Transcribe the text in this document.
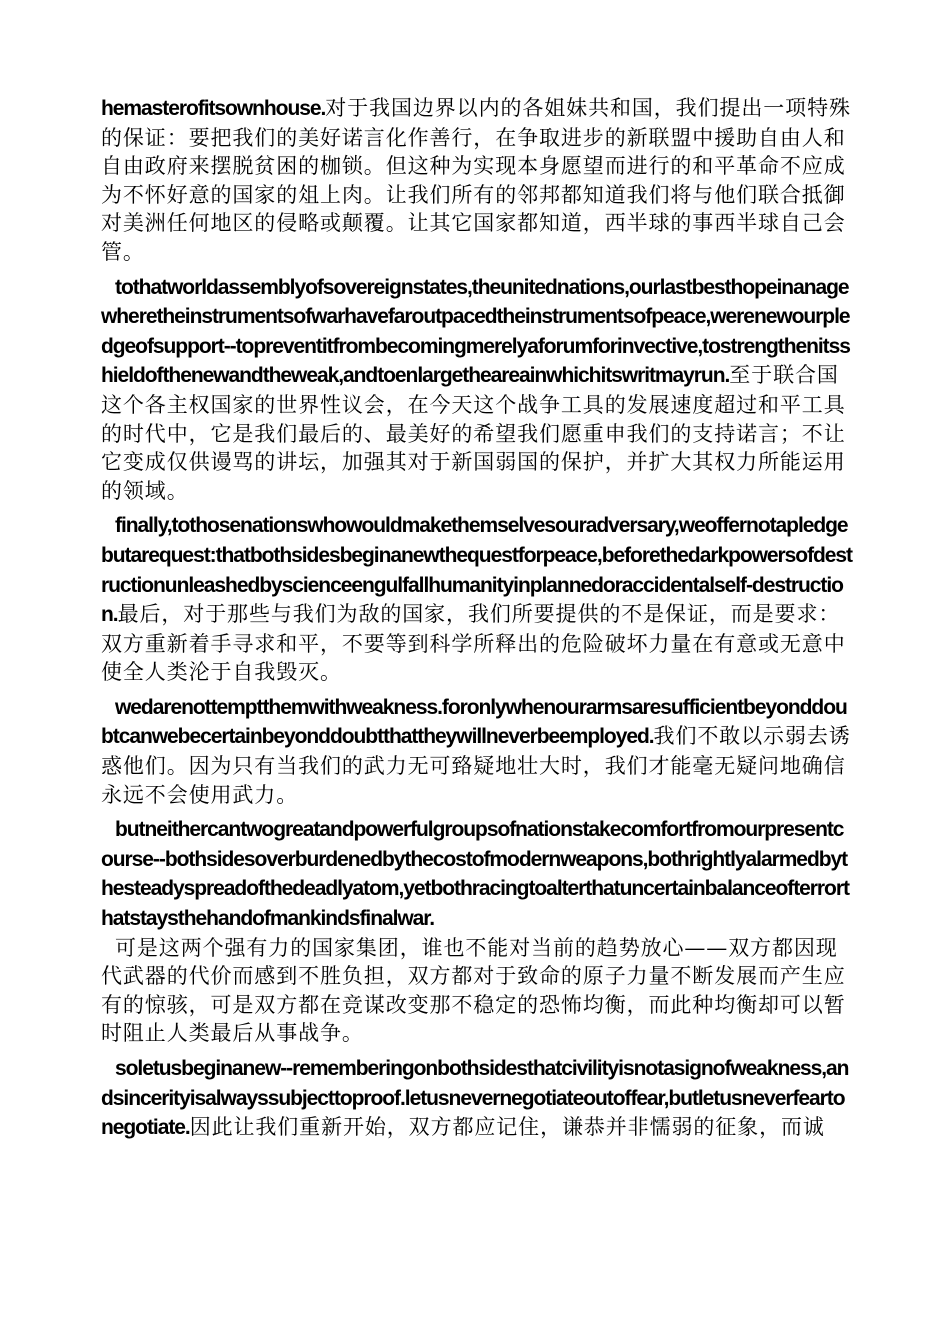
hemasterofitsownhouse.对于我国边界以内的各姐妹共和国，我们提出一项特殊的保证：要把我们的美好诺言化作善行，在争取进步的新联盟中援助自由人和自由政府来摆脱贫困的枷锁。但这种为实现本身愿望而进行的和平革命不应成为不怀好意的国家的俎上肉。让我们所有的邻邦都知道我们将与他们联合抵御对美洲任何地区的侵略或颠覆。让其它国家都知道，西半球的事西半球自己会管。

tothatworldassemblyofsovereignstates,theunitednations,ourlastbesthopeinanagewheretheinstrumentsofwarhavefaroutpacedtheinstrumentsofpeace,werenewourpledgeofsupport--topreventitfrombecomingmerelyaforumforinvective,tostrengthenitsshieldofthenewandtheweak,andtoenlargetheareainwhichitswritmayrun.至于联合国这个各主权国家的世界性议会，在今天这个战争工具的发展速度超过和平工具的时代中，它是我们最后的、最美好的希望我们愿重申我们的支持诺言；不让它变成仅供谩骂的讲坛，加强其对于新国弱国的保护，并扩大其权力所能运用的领域。

finally,tothosenationswhowouldmakethemselvesouradversary,weoffernotapledgebutarequest:thatbothsidesbeginanewthequestforpeace,beforethedarkpowersofdestructionunleashedbyscienceengulfallhumanityinplannedoraccidentalself-destruction.最后，对于那些与我们为敌的国家，我们所要提供的不是保证，而是要求：双方重新着手寻求和平，不要等到科学所释出的危险破坏力量在有意或无意中使全人类沦于自我毁灭。

wedarenottemptthemwithweakness.foronlywhenourarmsaresufficientbeyonddoubtcanwebecertainbeyonddoubtthattheywillneverbeemployed.我们不敢以示弱去诱惑他们。因为只有当我们的武力无可臵疑地壮大时，我们才能毫无疑问地确信永远不会使用武力。

butneithercantwogreatandpowerfulgroupsofnationstakecomfortfromourpresentcourse--bothsidesoverburdenedbythecostofmodernweapons,bothrightlyalarmedbythesteadyspreadofthedeadlyatom,yetbothracingtoalterthatuncertainbalanceofterrorthatstaysthehandofmankindsfinalwar.
可是这两个强有力的国家集团，谁也不能对当前的趋势放心——双方都因现代武器的代价而感到不胜负担，双方都对于致命的原子力量不断发展而产生应有的惊骇，可是双方都在竞谋改变那不稳定的恐怖均衡，而此种均衡却可以暂时阻止人类最后从事战争。

soletusbeginanew--rememberingonbothsidesthatcivilityisnotasignofweakness,andsincerityisalwayssubjecttoproof.letusnevernegotiateoutoffear,butletusneverfeartonegotiate.因此让我们重新开始，双方都应记住，谦恭并非懦弱的征象，而诚
